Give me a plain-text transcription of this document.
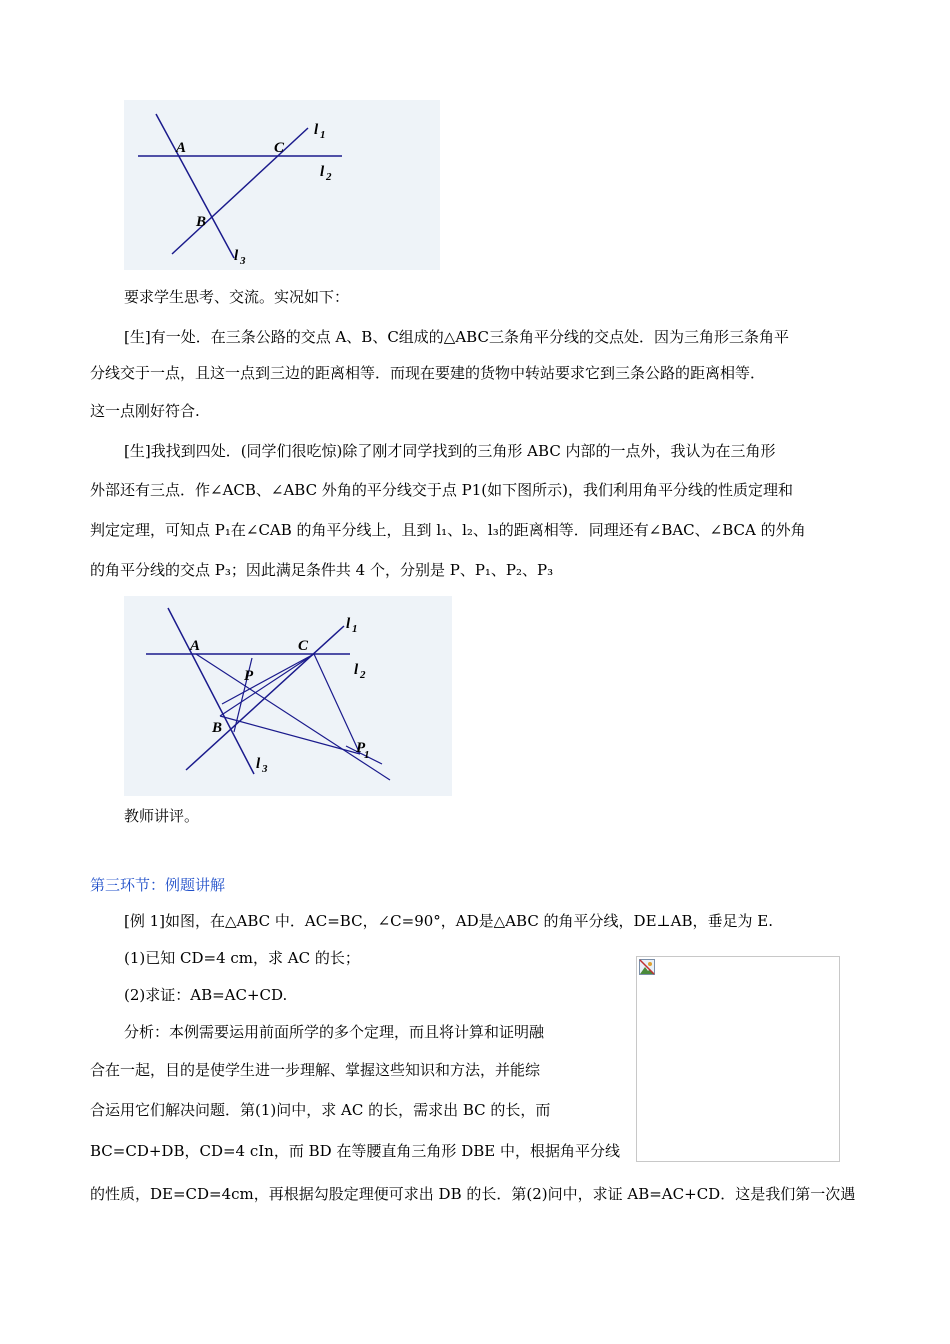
A	C
B
l 1
l 2
l 3
要求学生思考、交流。实况如下：
[生]有一处．在三条公路的交点 A、B、C组成的△ABC三条角平分线的交点处．因为三角形三条角平
分线交于一点，且这一点到三边的距离相等．而现在要建的货物中转站要求它到三条公路的距离相等．
这一点刚好符合.
[生]我找到四处．(同学们很吃惊)除了刚才同学找到的三角形 ABC 内部的一点外，我认为在三角形
外部还有三点．作∠ACB、∠ABC 外角的平分线交于点 P1(如下图所示)，我们利用角平分线的性质定理和
判定定理，可知点 P₁在∠CAB 的角平分线上，且到 l₁、l₂、l₃的距离相等．同理还有∠BAC、∠BCA 的外角
的角平分线的交点 P₃；因此满足条件共 4 个，分别是 P、P₁、P₂、P₃
A	C
P
B
P
1
l 1
l 2
l 3
教师讲评。
第三环节：例题讲解
[例 1]如图，在△ABC 中．AC=BC，∠C=90°，AD是△ABC 的角平分线，DE⊥AB，垂足为 E.
(1)已知 CD=4 cm，求 AC 的长；
(2)求证：AB=AC+CD.
分析：本例需要运用前面所学的多个定理，而且将计算和证明融
合在一起，目的是使学生进一步理解、掌握这些知识和方法，并能综
合运用它们解决问题．第(1)问中，求 AC 的长，需求出 BC 的长，而
BC=CD+DB，CD=4 cIn，而 BD 在等腰直角三角形 DBE 中，根据角平分线
的性质，DE=CD=4cm，再根据勾股定理便可求出 DB 的长．第(2)问中，求证 AB=AC+CD．这是我们第一次遇
